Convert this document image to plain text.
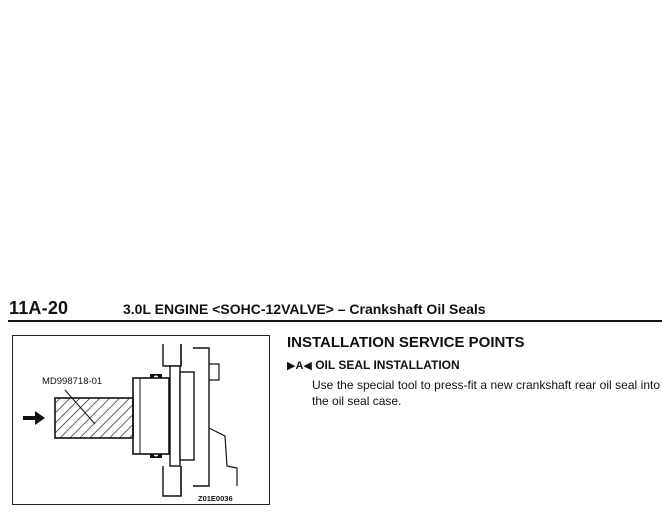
11A-20	3.0L ENGINE <SOHC-12VALVE> – Crankshaft Oil Seals
MD998718-01
Z01E0036
INSTALLATION SERVICE POINTS
▶A◀ OIL SEAL INSTALLATION
Use the special tool to press-fit a new crankshaft rear oil seal into the oil seal case.
